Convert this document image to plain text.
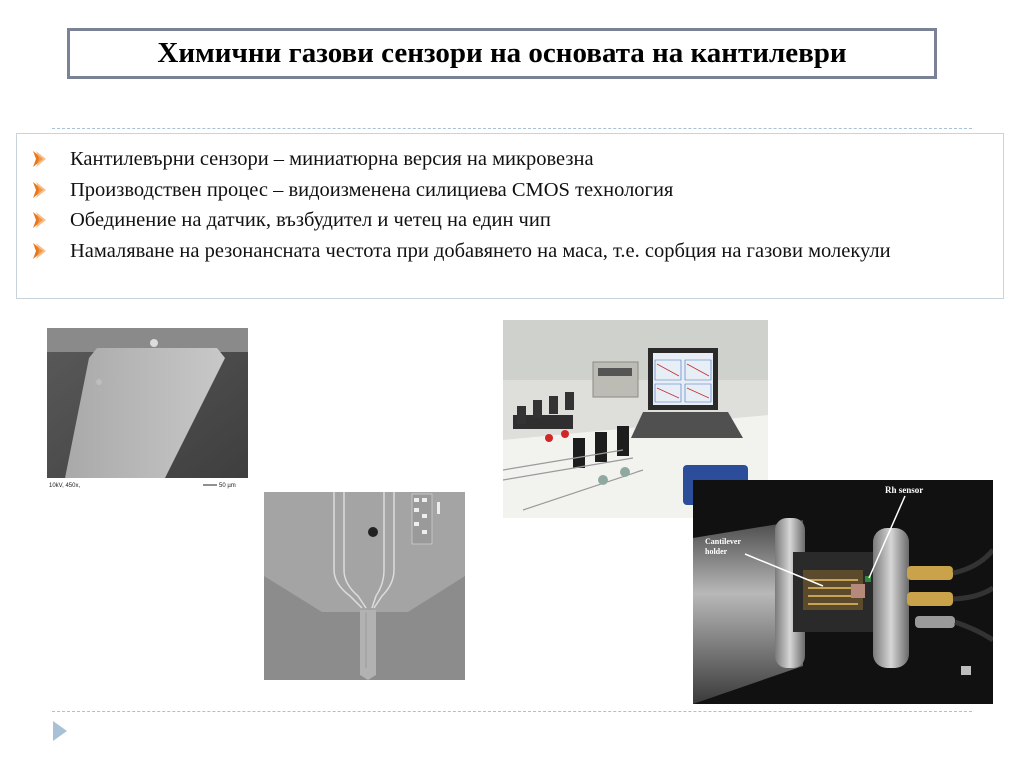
Химични газови сензори на основата на кантилеври
Кантилевърни сензори – миниатюрна версия на микровезна
Производствен процес – видоизменена силициева CMOS технология
Обединение на датчик, възбудител и четец на един чип
Намаляване на резонансната честота при добавянето на маса, т.е. сорбция на газови молекули
10kV, 450x,	50 µm	Rh sensor
Cantilever
holder
